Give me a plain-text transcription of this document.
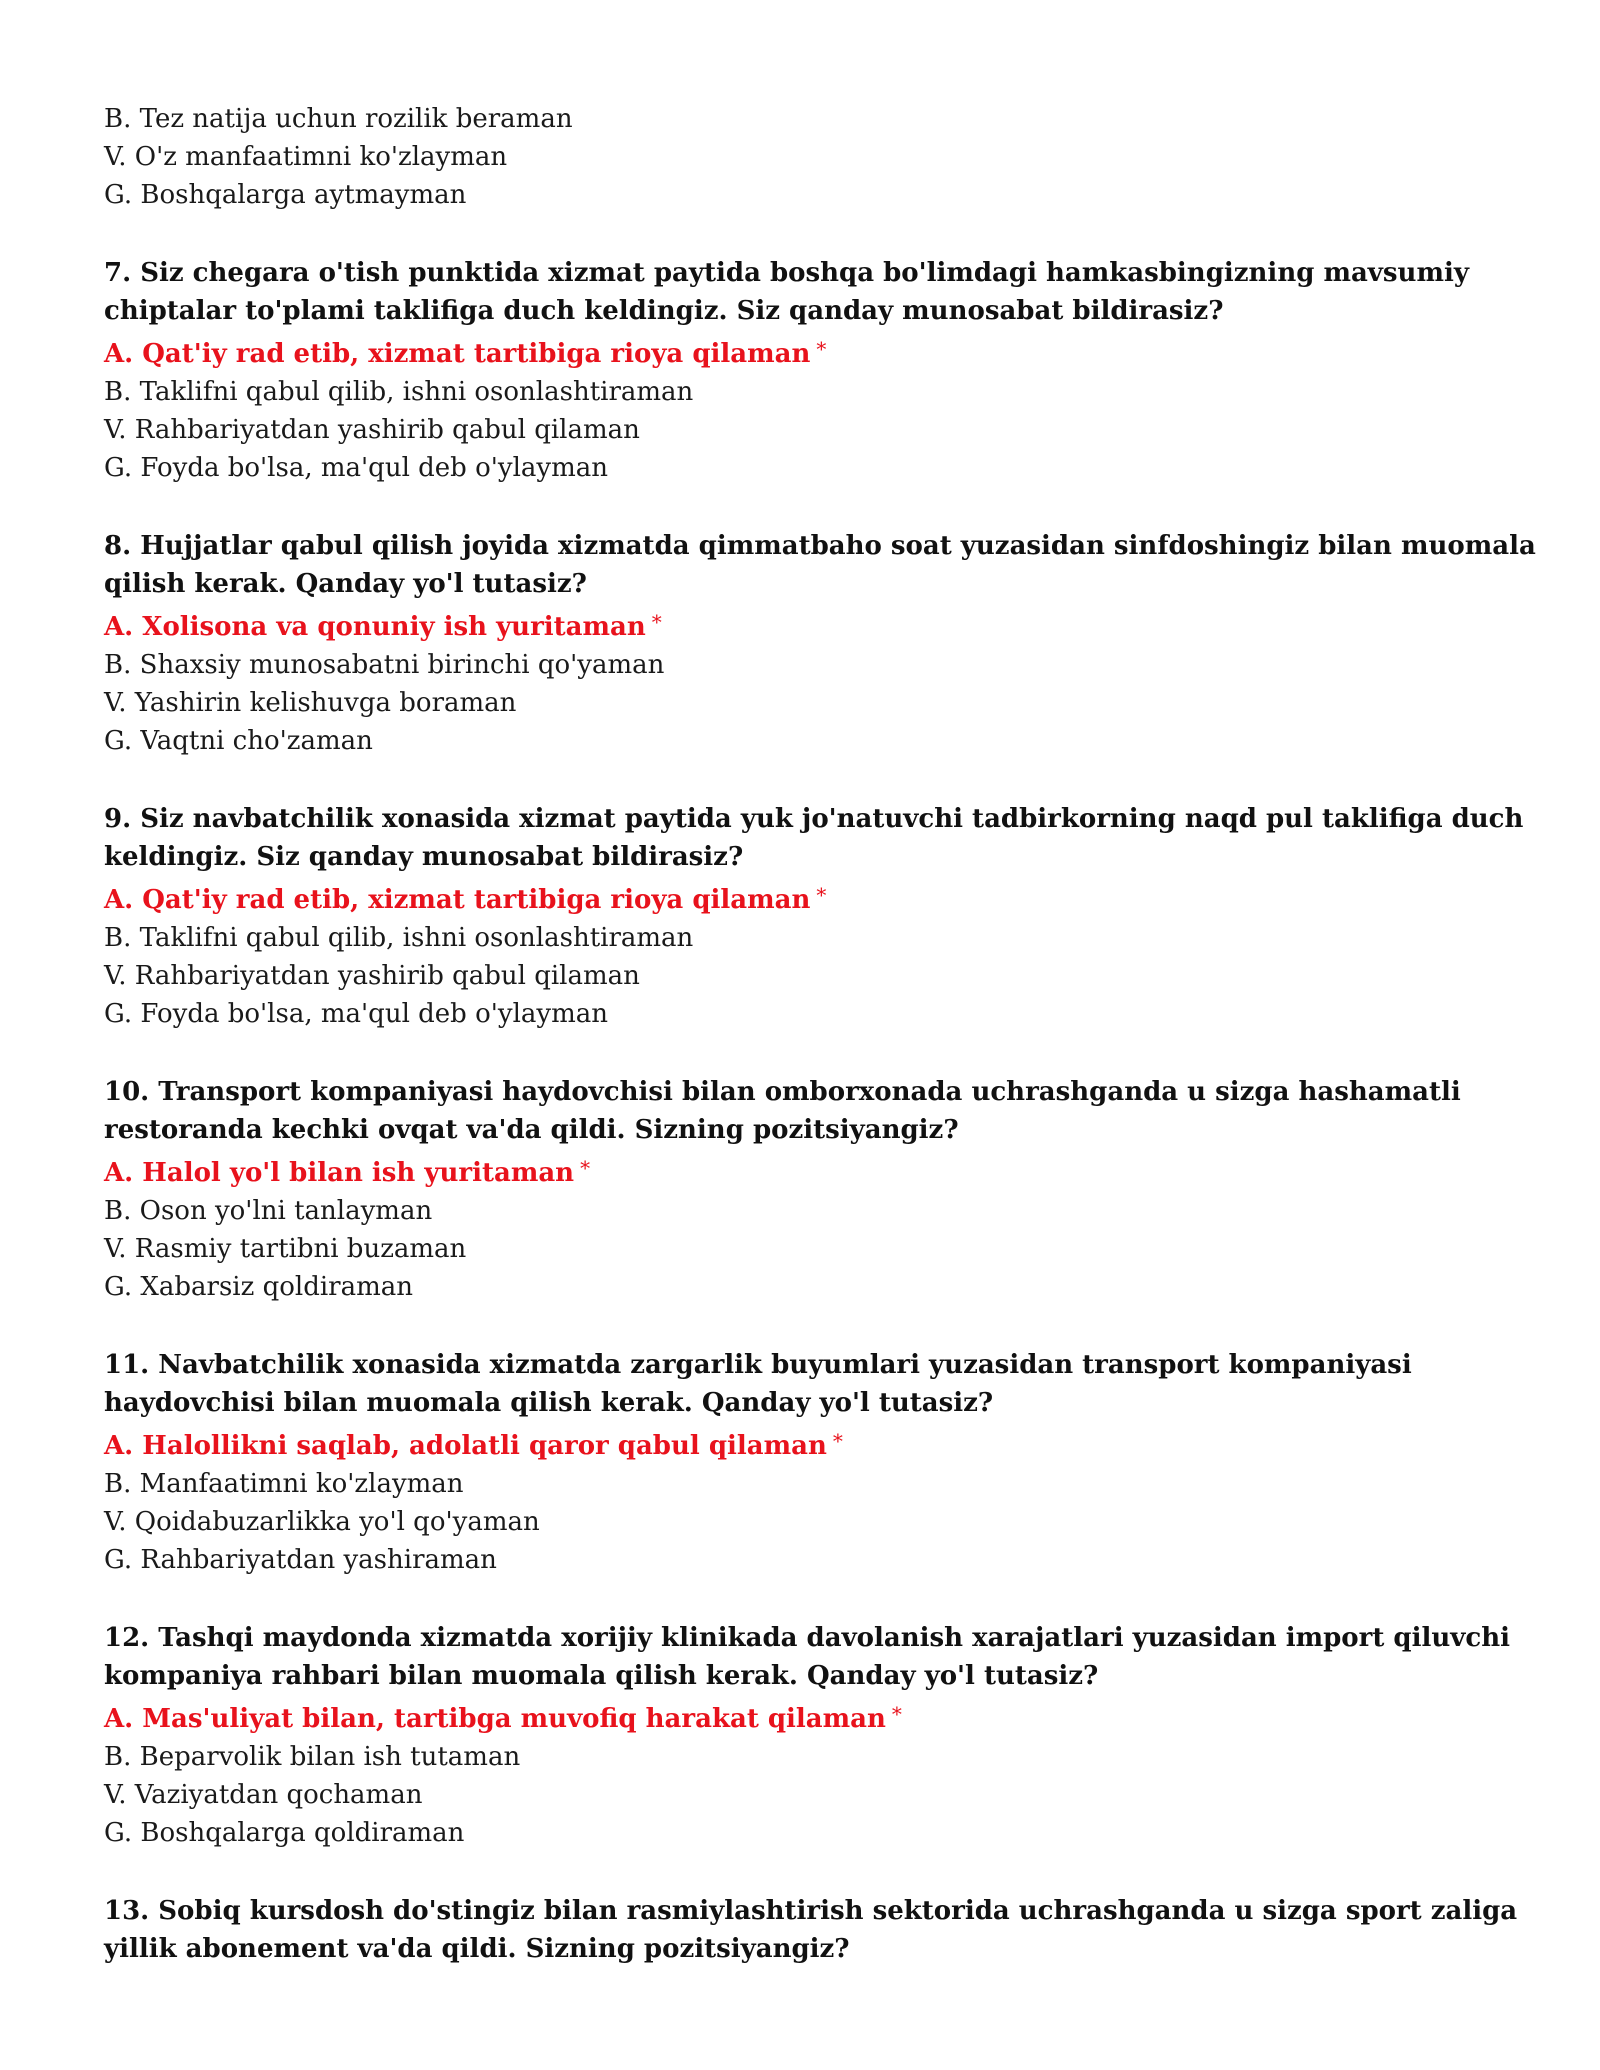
B. Tez natija uchun rozilik beraman

V. O'z manfaatimni ko'zlayman

G. Boshqalarga aytmayman

7. Siz chegara o'tish punktida xizmat paytida boshqa bo'limdagi hamkasbingizning mavsumiy chiptalar to'plami taklifiga duch keldingiz. Siz qanday munosabat bildirasiz?

A. Qat'iy rad etib, xizmat tartibiga rioya qilaman *

B. Taklifni qabul qilib, ishni osonlashtiraman

V. Rahbariyatdan yashirib qabul qilaman

G. Foyda bo'lsa, ma'qul deb o'ylayman

8. Hujjatlar qabul qilish joyida xizmatda qimmatbaho soat yuzasidan sinfdoshingiz bilan muomala qilish kerak. Qanday yo'l tutasiz?

A. Xolisona va qonuniy ish yuritaman *

B. Shaxsiy munosabatni birinchi qo'yaman

V. Yashirin kelishuvga boraman

G. Vaqtni cho'zaman

9. Siz navbatchilik xonasida xizmat paytida yuk jo'natuvchi tadbirkorning naqd pul taklifiga duch keldingiz. Siz qanday munosabat bildirasiz?

A. Qat'iy rad etib, xizmat tartibiga rioya qilaman *

B. Taklifni qabul qilib, ishni osonlashtiraman

V. Rahbariyatdan yashirib qabul qilaman

G. Foyda bo'lsa, ma'qul deb o'ylayman

10. Transport kompaniyasi haydovchisi bilan omborxonada uchrashganda u sizga hashamatli restoranda kechki ovqat va'da qildi. Sizning pozitsiyangiz?

A. Halol yo'l bilan ish yuritaman *

B. Oson yo'lni tanlayman

V. Rasmiy tartibni buzaman

G. Xabarsiz qoldiraman

11. Navbatchilik xonasida xizmatda zargarlik buyumlari yuzasidan transport kompaniyasi haydovchisi bilan muomala qilish kerak. Qanday yo'l tutasiz?

A. Halollikni saqlab, adolatli qaror qabul qilaman *

B. Manfaatimni ko'zlayman

V. Qoidabuzarlikka yo'l qo'yaman

G. Rahbariyatdan yashiraman

12. Tashqi maydonda xizmatda xorijiy klinikada davolanish xarajatlari yuzasidan import qiluvchi kompaniya rahbari bilan muomala qilish kerak. Qanday yo'l tutasiz?

A. Mas'uliyat bilan, tartibga muvofiq harakat qilaman *

B. Beparvolik bilan ish tutaman

V. Vaziyatdan qochaman

G. Boshqalarga qoldiraman

13. Sobiq kursdosh do'stingiz bilan rasmiylashtirish sektorida uchrashganda u sizga sport zaliga yillik abonement va'da qildi. Sizning pozitsiyangiz?
